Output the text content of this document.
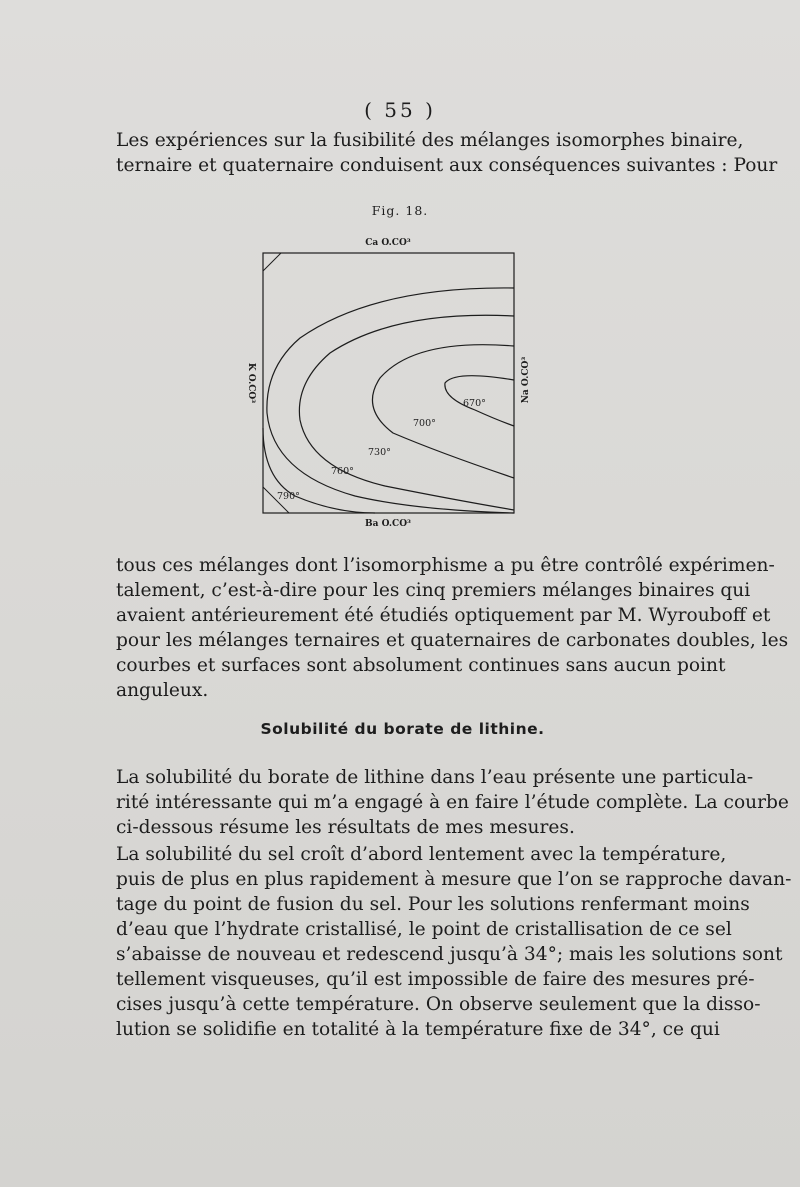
( 55 )
Les expériences sur la fusibilité des mélanges isomorphes binaire,
ternaire et quaternaire conduisent aux conséquences suivantes : Pour
Fig. 18.
Ca O.CO³
670°
700°
730°
760°
790°
K O.CO³	Na O.CO³
Ba O.CO³
tous ces mélanges dont l’isomorphisme a pu être contrôlé expérimen-
talement, c’est-à-dire pour les cinq premiers mélanges binaires qui
avaient antérieurement été étudiés optiquement par M. Wyrouboff et
pour les mélanges ternaires et quaternaires de carbonates doubles, les
courbes et surfaces sont absolument continues sans aucun point
anguleux.
Solubilité du borate de lithine.
La solubilité du borate de lithine dans l’eau présente une particula-
rité intéressante qui m’a engagé à en faire l’étude complète. La courbe
ci-dessous résume les résultats de mes mesures.
La solubilité du sel croît d’abord lentement avec la température,
puis de plus en plus rapidement à mesure que l’on se rapproche davan-
tage du point de fusion du sel. Pour les solutions renfermant moins
d’eau que l’hydrate cristallisé, le point de cristallisation de ce sel
s’abaisse de nouveau et redescend jusqu’à 34°; mais les solutions sont
tellement visqueuses, qu’il est impossible de faire des mesures pré-
cises jusqu’à cette température. On observe seulement que la disso-
lution se solidifie en totalité à la température fixe de 34°, ce qui
